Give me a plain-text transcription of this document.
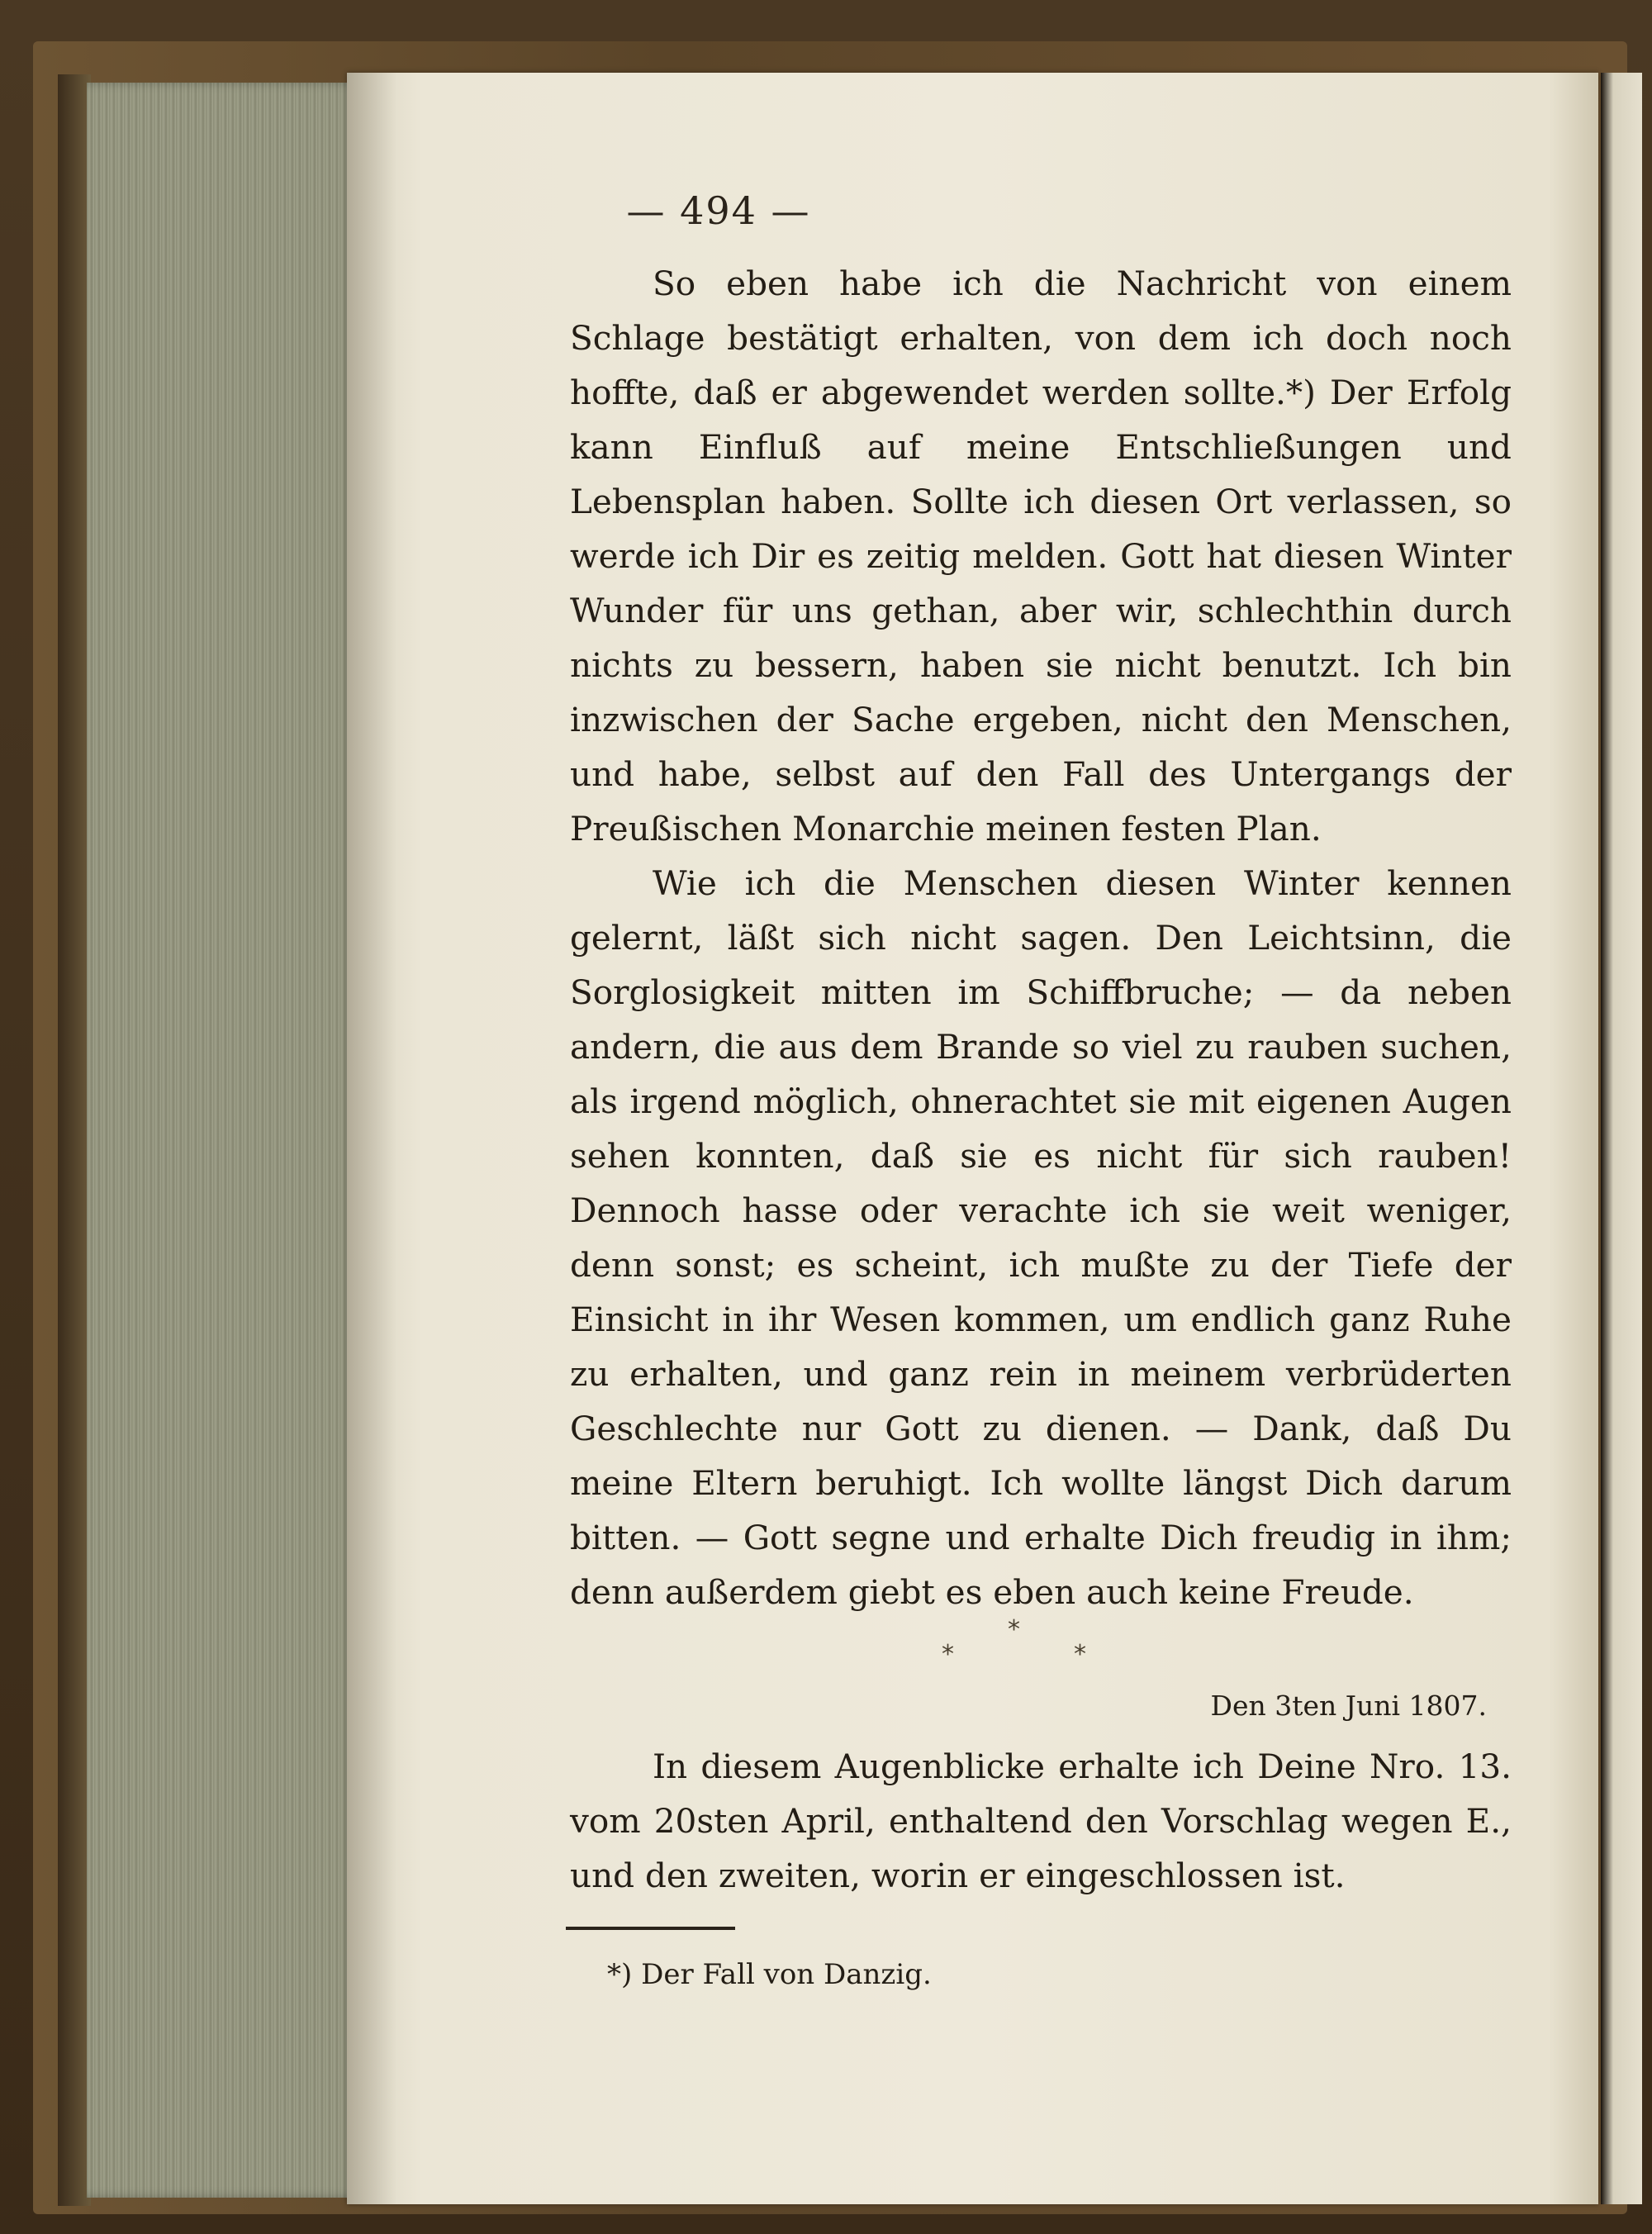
— 494 —

So eben habe ich die Nachricht von einem Schlage bestätigt erhalten, von dem ich doch noch hoffte, daß er abgewendet werden sollte.*) Der Erfolg kann Einfluß auf meine Entschließungen und Lebensplan haben. Sollte ich diesen Ort verlassen, so werde ich Dir es zeitig melden. Gott hat diesen Winter Wunder für uns gethan, aber wir, schlechthin durch nichts zu bessern, haben sie nicht benutzt. Ich bin inzwischen der Sache ergeben, nicht den Menschen, und habe, selbst auf den Fall des Untergangs der Preußischen Monarchie meinen festen Plan.

Wie ich die Menschen diesen Winter kennen gelernt, läßt sich nicht sagen. Den Leichtsinn, die Sorglosigkeit mitten im Schiffbruche; — da neben andern, die aus dem Brande so viel zu rauben suchen, als irgend möglich, ohnerachtet sie mit eigenen Augen sehen konnten, daß sie es nicht für sich rauben! Dennoch hasse oder verachte ich sie weit weniger, denn sonst; es scheint, ich mußte zu der Tiefe der Einsicht in ihr Wesen kommen, um endlich ganz Ruhe zu erhalten, und ganz rein in meinem verbrüderten Geschlechte nur Gott zu dienen. — Dank, daß Du meine Eltern beruhigt. Ich wollte längst Dich darum bitten. — Gott segne und erhalte Dich freudig in ihm; denn außerdem giebt es eben auch keine Freude.

*
*	*
Den 3ten Juni 1807.

In diesem Augenblicke erhalte ich Deine Nro. 13. vom 20sten April, enthaltend den Vorschlag wegen E., und den zweiten, worin er eingeschlossen ist.

*) Der Fall von Danzig.
